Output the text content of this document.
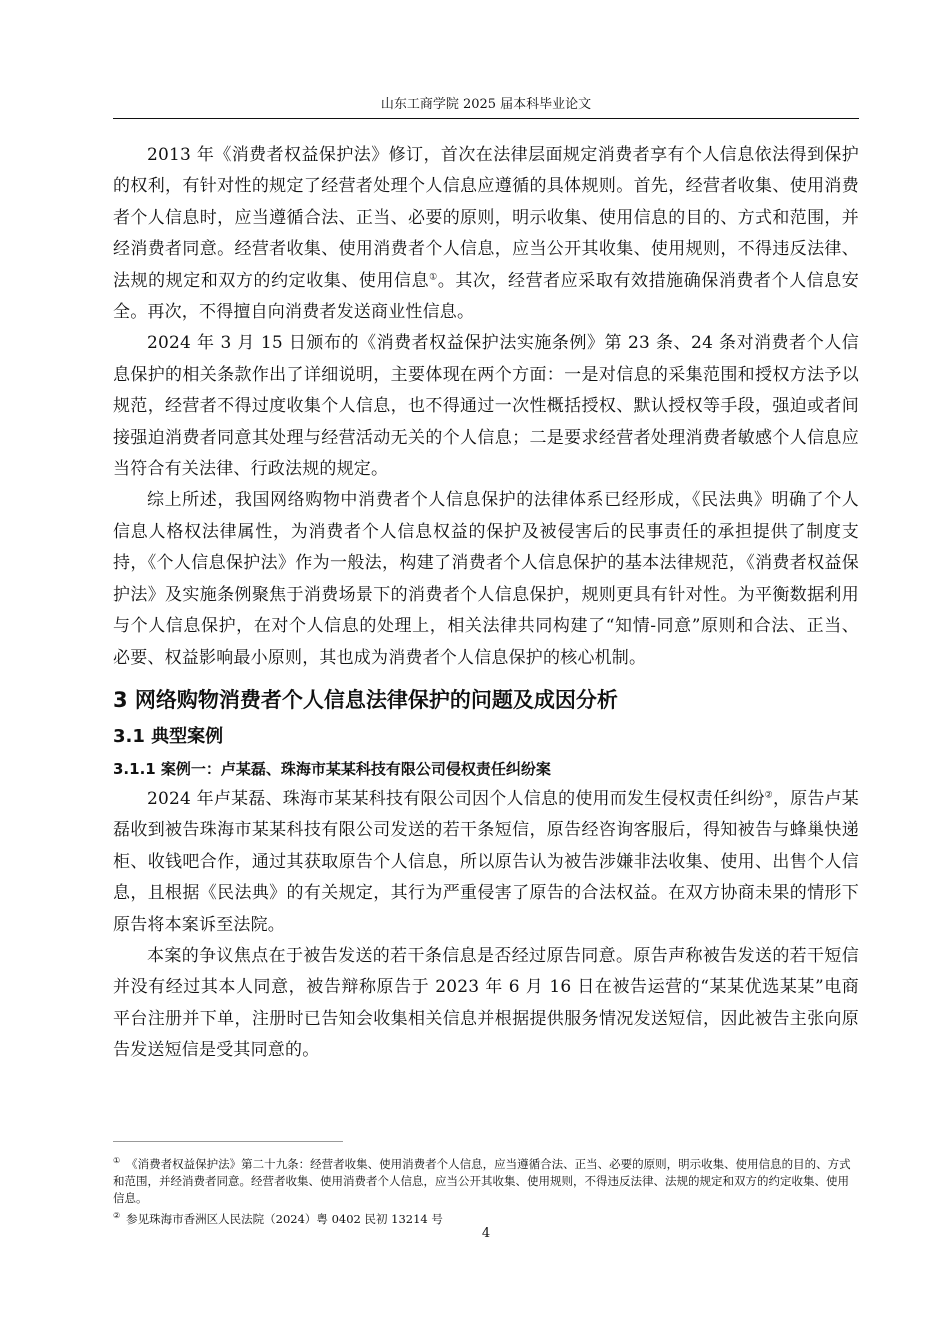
山东工商学院 2025 届本科毕业论文

2013 年《消费者权益保护法》修订，首次在法律层面规定消费者享有个人信息依法得到保护的权利，有针对性的规定了经营者处理个人信息应遵循的具体规则。首先，经营者收集、使用消费者个人信息时，应当遵循合法、正当、必要的原则，明示收集、使用信息的目的、方式和范围，并经消费者同意。经营者收集、使用消费者个人信息，应当公开其收集、使用规则，不得违反法律、法规的规定和双方的约定收集、使用信息①。其次，经营者应采取有效措施确保消费者个人信息安全。再次，不得擅自向消费者发送商业性信息。

2024 年 3 月 15 日颁布的《消费者权益保护法实施条例》第 23 条、24 条对消费者个人信息保护的相关条款作出了详细说明，主要体现在两个方面：一是对信息的采集范围和授权方法予以规范，经营者不得过度收集个人信息，也不得通过一次性概括授权、默认授权等手段，强迫或者间接强迫消费者同意其处理与经营活动无关的个人信息；二是要求经营者处理消费者敏感个人信息应当符合有关法律、行政法规的规定。

综上所述，我国网络购物中消费者个人信息保护的法律体系已经形成，《民法典》明确了个人信息人格权法律属性，为消费者个人信息权益的保护及被侵害后的民事责任的承担提供了制度支持，《个人信息保护法》作为一般法，构建了消费者个人信息保护的基本法律规范，《消费者权益保护法》及实施条例聚焦于消费场景下的消费者个人信息保护，规则更具有针对性。为平衡数据利用与个人信息保护，在对个人信息的处理上，相关法律共同构建了“知情-同意”原则和合法、正当、必要、权益影响最小原则，其也成为消费者个人信息保护的核心机制。

3 网络购物消费者个人信息法律保护的问题及成因分析
3.1 典型案例
3.1.1 案例一：卢某磊、珠海市某某科技有限公司侵权责任纠纷案

2024 年卢某磊、珠海市某某科技有限公司因个人信息的使用而发生侵权责任纠纷②，原告卢某磊收到被告珠海市某某科技有限公司发送的若干条短信，原告经咨询客服后，得知被告与蜂巢快递柜、收钱吧合作，通过其获取原告个人信息，所以原告认为被告涉嫌非法收集、使用、出售个人信息，且根据《民法典》的有关规定，其行为严重侵害了原告的合法权益。在双方协商未果的情形下原告将本案诉至法院。

本案的争议焦点在于被告发送的若干条信息是否经过原告同意。原告声称被告发送的若干短信并没有经过其本人同意，被告辩称原告于 2023 年 6 月 16 日在被告运营的“某某优选某某”电商平台注册并下单，注册时已告知会收集相关信息并根据提供服务情况发送短信，因此被告主张向原告发送短信是受其同意的。

① 《消费者权益保护法》第二十九条：经营者收集、使用消费者个人信息，应当遵循合法、正当、必要的原则，明示收集、使用信息的目的、方式和范围，并经消费者同意。经营者收集、使用消费者个人信息，应当公开其收集、使用规则，不得违反法律、法规的规定和双方的约定收集、使用信息。

② 参见珠海市香洲区人民法院（2024）粤 0402 民初 13214 号

4
